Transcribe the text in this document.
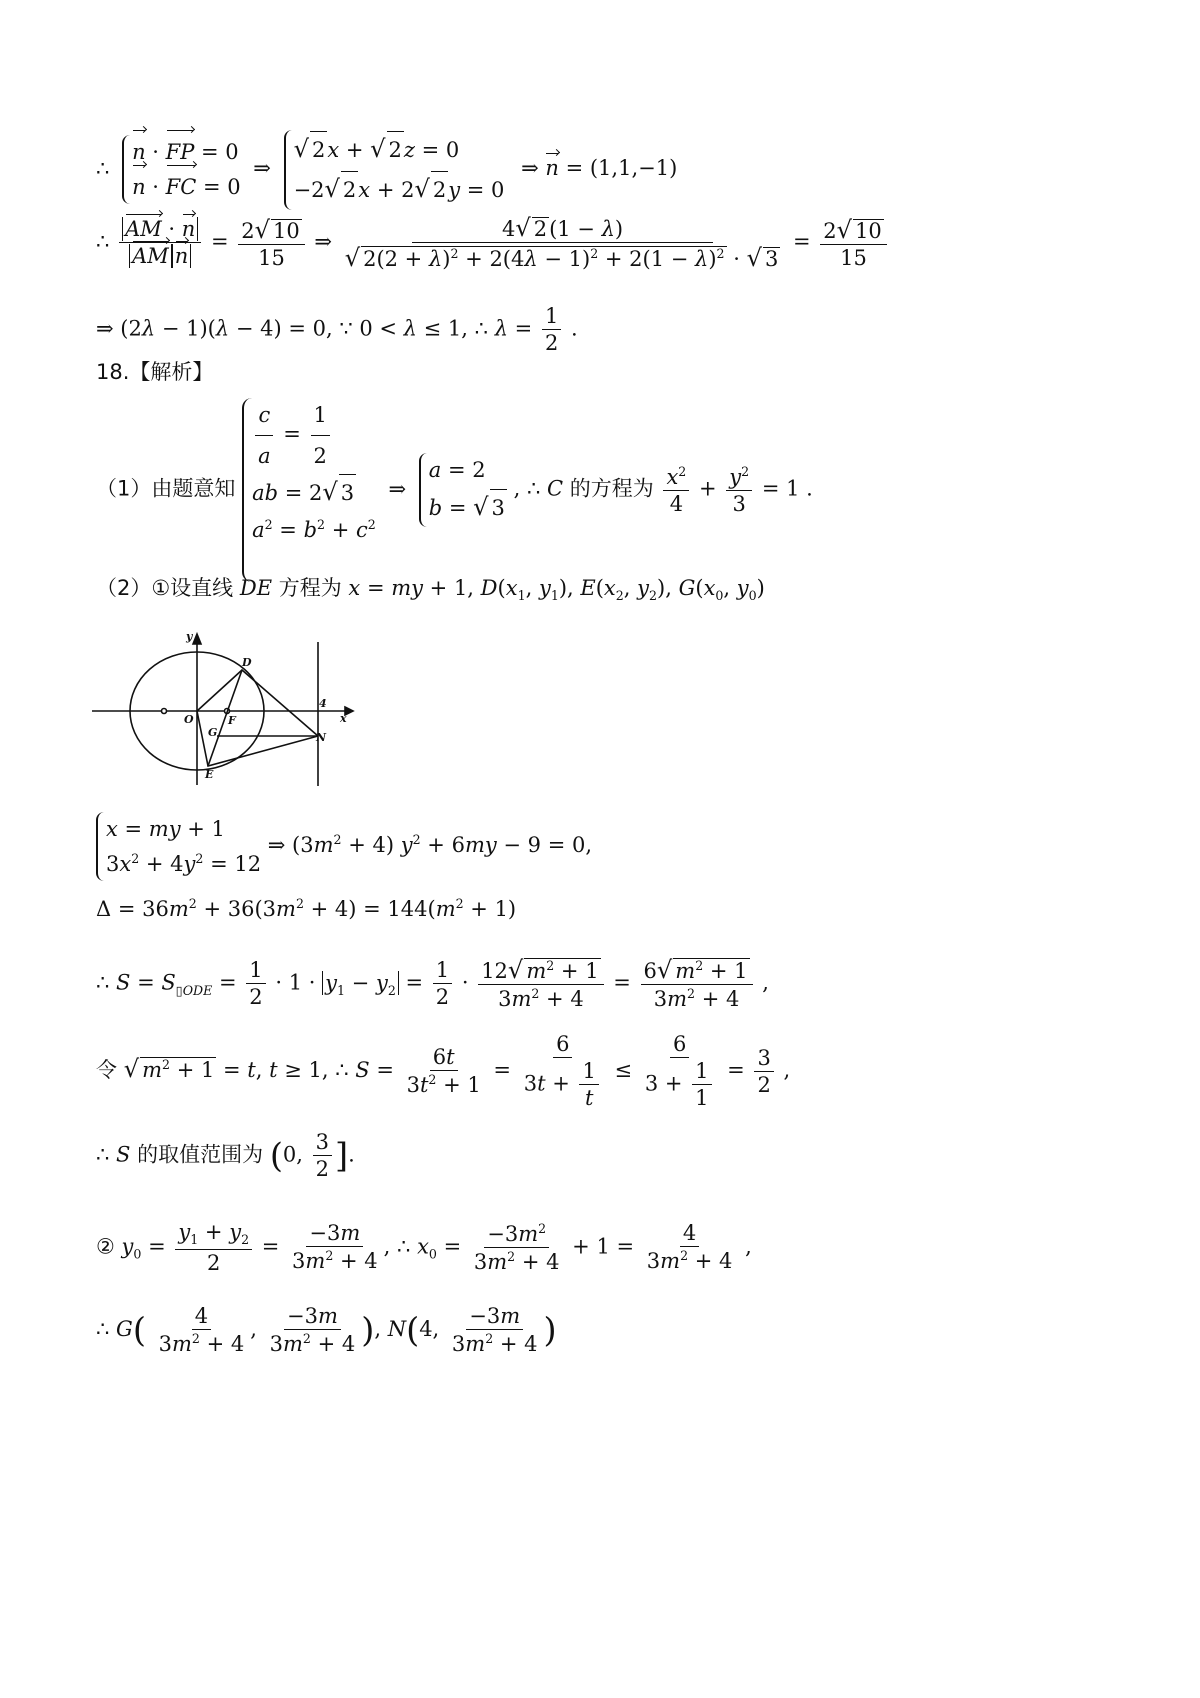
∴
n · FP = 0
n · FC = 0
⇒
√ 2x + √ 2z = 0
−2√ 2x + 2√ 2y = 0
⇒ n = (1,1,−1)
∴ $\frac{AM \cdot n}{\text{AM n}} = \frac{2√ 10}{15}$ ⇒ $\frac{4√ 2(1 - \lambda)}{√ 2(2 + \lambda)^2 + 2(4\lambda - 1)^2 + 2(1 - \lambda)^2 \cdot √ 3} = \frac{2√ 10}{15}$
⇒ (2λ − 1)(λ − 4) = 0, ∵ 0 < λ ≤ 1, ∴ $\lambda = \frac{1}{2}$ .
18.【解析】
（1）由题意知
$\frac{c}{a} = \frac{1}{2}$
ab = 2√ 3
$a^2 = b^2 + c^2$

⇒
a = 2
b = √ 3
, ∴ C 的方程为 $\frac{x^2}{4} + \frac{y^2}{3} = 1$ .
（2）①设直线 DE 方程为 x = my + 1, $D(x_1$, $y_1$), $E(x_2$, $y_2$), $G(x_0$, $y_0$)
y
x
O	F
D
E
G	N
4
x = my + 1
$3x^2 + 4y^2 = 12$
⇒ $(3m^2 + 4) y^2 + 6my - 9 = 0$,
$\Delta = 36m^2 + 36(3m^2 + 4) = 144(m^2 + 1)$
∴ $S = S_{▯ODE} = \frac{1}{2} \cdot 1 \cdot y_1 - y_2 = \frac{1}{2} \cdot \frac{12√ m^2 + 1}{3m^2 + 4} = \frac{6√ m^2 + 1}{3m^2 + 4}$ ,
令 √ $m^2 + 1 = t$, t ≥ 1, ∴ $S = \frac{6t}{3t^2 + 1} = \frac{6}{3t + \frac{1}{t}} \le \frac{6}{3 + \frac{1}{1}} = \frac{3}{2}$ ,
∴ S 的取值范围为 (0, $\frac{3}{2}$ ].
② $y_0 = \frac{y_1 + y_2}{2} = \frac{-3m}{3m^2 + 4}$ , ∴ $x_0 = \frac{-3m^2}{3m^2 + 4} + 1 = \frac{4}{3m^2 + 4}$ ,
∴ $G( \frac{4}{3m^2 + 4}$ , $\frac{-3m}{3m^2 + 4}$ ), N(4, $\frac{-3m}{3m^2 + 4}$ )
